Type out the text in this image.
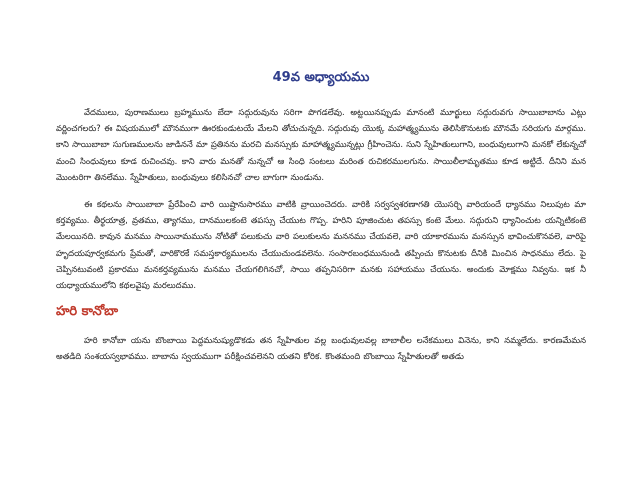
49వ అధ్యాయము

వేదములు, పురాణములు బ్రహ్మమును బేదా సద్గురువును సరిగా పొగడలేవు. అట్టయినప్పుడు మానంటి మూర్ఖులు సద్గురువగు సాయిబాబాను ఎట్లు వర్ణించగలరు? ఈ విషయములో మౌనముగా ఊరకుండుటయే మేలని తోచుచున్నది. సద్గురువు యొక్క మహాత్మ్యమును తెలిసికొనుటకు మౌనమే సరియగు మార్గము. కాని సాయిబాబా సుగుణములను జాడిననే మా ప్రతినను మరచి మనస్సుకు మాహాత్మ్యమున్నట్లు గ్రీహించెను. సుని స్నేహితులుగాని, బంధువులుగాని మనకో లేకున్నచో మంచి సింధువులు కూడ రుచించవు. కాని వారు మనతో నున్నచో ఆ సింధి సంటలు మరింత రుచికరములగును. సాయిలీలామృతము కూడ అట్టిదే. దీనిని మన మొంటరిగా తినలేము. స్నేహితులు, బంధువులు కలిసినచో చాల బాగుగా నుండును.

ఈ కథలను సాయిబాబా ప్రేరేపించి వారి యిష్టానుసారము వాటికి వ్రాయించెదరు. వారికి సర్వస్వశరణాగతి యొసర్చి వారియందే ధ్యానము నిలుపుట మా కర్తవ్యము. తీర్థయాత్ర, వ్రతము, త్యాగము, దానములకంటె తపస్సు చేయుట గొప్ప. హరిని పూజించుట తపస్సు కంటె మేలు. సద్గురుని ధ్యానించుట యన్నిటికంటె మేలయినది. కావున మనము సాయినామమును నోటితో పలుకుచు వారి పలుకులను మననము చేయవలె, వారి యాకారమును మనస్సున భావించుకొనవలె, వారిపై హృదయపూర్వకమగు ప్రేమతో, వారికొరకే సమస్తకార్యములను చేయుచుండవలెను. సంసారబంధమునుండి తప్పించు కొనుటకు దీనికి మించిన సాధనము లేదు. పై చెప్పినటువంటి ప్రకారము మనకర్తవ్యమును మనము చేయగలిగినచో, సాయి తప్పనిసరిగా మనకు సహాయము చేయును. అందుకు మోక్షము నివ్వను. ఇక నీ యధ్యాయములోని కథలవైపు మరలుదము.

హరి కానోబా

హరి కానోబా యను బొంబాయి పెద్దమనుష్యుడొకడు తన స్నేహితుల వల్ల బంధువులవల్ల బాబాలీల లనేకములు వినెను, కాని నమ్మలేదు. కారణమేమన అతడిది సంశయస్వభావము. బాబాను స్వయముగా పరీక్షించవలెనని యతని కోరిక. కొంతమంది బొంబాయి స్నేహితులతో అతడు
